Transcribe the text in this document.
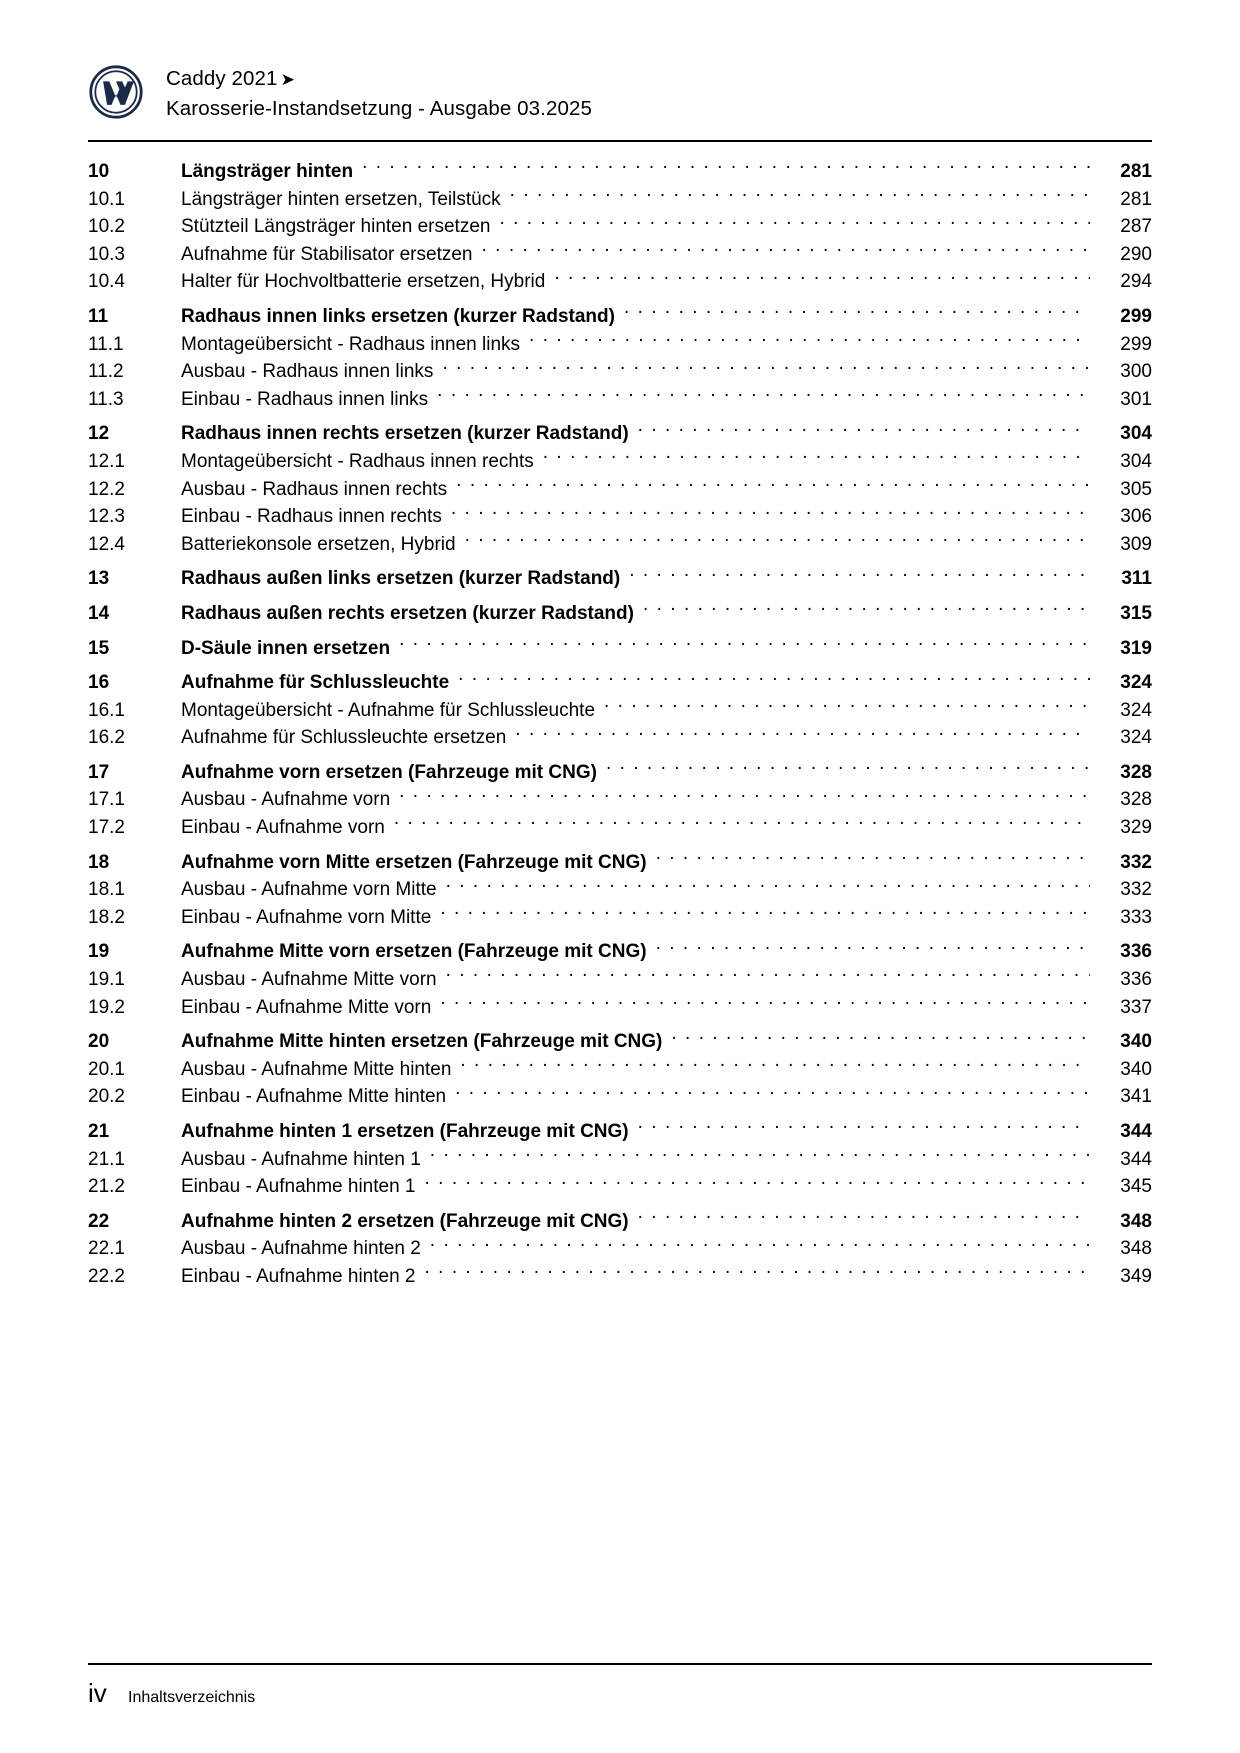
Caddy 2021 ➤
Karosserie-Instandsetzung - Ausgabe 03.2025
10	Längsträger hinten . . .	281
10.1	Längsträger hinten ersetzen, Teilstück . . .	281
10.2	Stützteil Längsträger hinten ersetzen . . .	287
10.3	Aufnahme für Stabilisator ersetzen . . .	290
10.4	Halter für Hochvoltbatterie ersetzen, Hybrid . . .	294
11	Radhaus innen links ersetzen (kurzer Radstand) . . .	299
11.1	Montageübersicht - Radhaus innen links . . .	299
11.2	Ausbau - Radhaus innen links . . .	300
11.3	Einbau - Radhaus innen links . . .	301
12	Radhaus innen rechts ersetzen (kurzer Radstand) . . .	304
12.1	Montageübersicht - Radhaus innen rechts . . .	304
12.2	Ausbau - Radhaus innen rechts . . .	305
12.3	Einbau - Radhaus innen rechts . . .	306
12.4	Batteriekonsole ersetzen, Hybrid . . .	309
13	Radhaus außen links ersetzen (kurzer Radstand) . . .	311
14	Radhaus außen rechts ersetzen (kurzer Radstand) . . .	315
15	D-Säule innen ersetzen . . .	319
16	Aufnahme für Schlussleuchte . . .	324
16.1	Montageübersicht - Aufnahme für Schlussleuchte . . .	324
16.2	Aufnahme für Schlussleuchte ersetzen . . .	324
17	Aufnahme vorn ersetzen (Fahrzeuge mit CNG) . . .	328
17.1	Ausbau - Aufnahme vorn . . .	328
17.2	Einbau - Aufnahme vorn . . .	329
18	Aufnahme vorn Mitte ersetzen (Fahrzeuge mit CNG) . . .	332
18.1	Ausbau - Aufnahme vorn Mitte . . .	332
18.2	Einbau - Aufnahme vorn Mitte . . .	333
19	Aufnahme Mitte vorn ersetzen (Fahrzeuge mit CNG) . . .	336
19.1	Ausbau - Aufnahme Mitte vorn . . .	336
19.2	Einbau - Aufnahme Mitte vorn . . .	337
20	Aufnahme Mitte hinten ersetzen (Fahrzeuge mit CNG) . . .	340
20.1	Ausbau - Aufnahme Mitte hinten . . .	340
20.2	Einbau - Aufnahme Mitte hinten . . .	341
21	Aufnahme hinten 1 ersetzen (Fahrzeuge mit CNG) . . .	344
21.1	Ausbau - Aufnahme hinten 1 . . .	344
21.2	Einbau - Aufnahme hinten 1 . . .	345
22	Aufnahme hinten 2 ersetzen (Fahrzeuge mit CNG) . . .	348
22.1	Ausbau - Aufnahme hinten 2 . . .	348
22.2	Einbau - Aufnahme hinten 2 . . .	349
iv	Inhaltsverzeichnis
